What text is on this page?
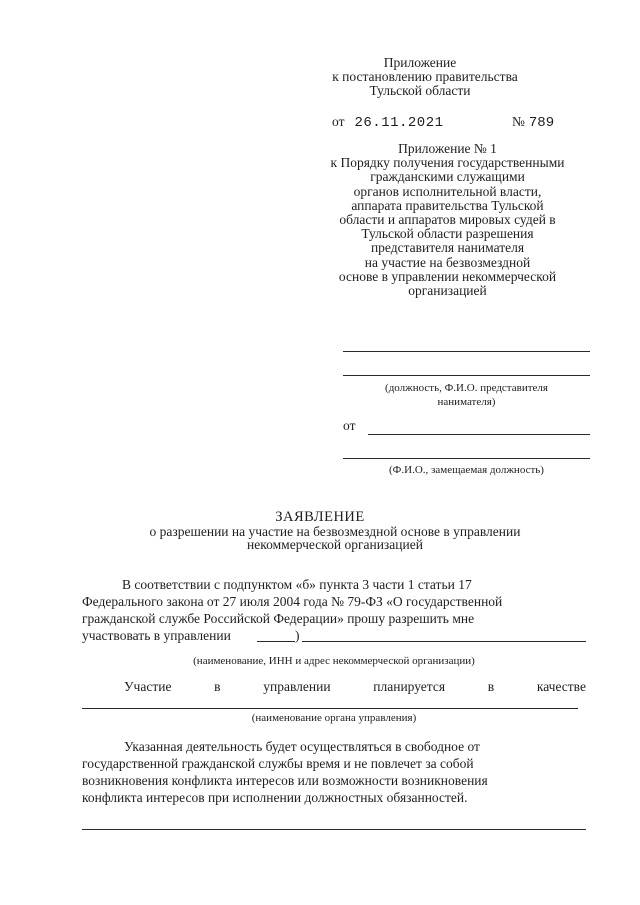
Приложение
к постановлению правительства
Тульской области
от 26.11.2021	№ 789
Приложение № 1
к Порядку получения государственными
гражданскими служащими
органов исполнительной власти,
аппарата правительства Тульской
области и аппаратов мировых судей в
Тульской области разрешения
представителя нанимателя
на участие на безвозмездной
основе в управлении некоммерческой
организацией
(должность, Ф.И.О. представителя
нанимателя)
от
(Ф.И.О., замещаемая должность)
ЗАЯВЛЕНИЕ
о разрешении на участие на безвозмездной основе в управлении
некоммерческой организацией
В соответствии с подпунктом «б» пункта 3 части 1 статьи 17
Федерального закона от 27 июля 2004 года № 79-ФЗ «О государственной
гражданской службе Российской Федерации» прошу разрешить мне
участвовать в управлении	)
(наименование, ИНН и адрес некоммерческой организации)
Участие	в	управлении	планируется	в	качестве
(наименование органа управления)
Указанная деятельность будет осуществляться в свободное от
государственной гражданской службы время и не повлечет за собой
возникновения конфликта интересов или возможности возникновения
конфликта интересов при исполнении должностных обязанностей.
